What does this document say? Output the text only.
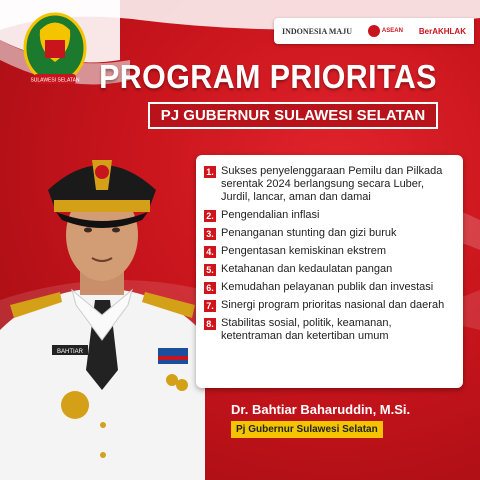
SULAWESI SELATAN
INDONESIA MAJU	ASEAN BerAKHLAK
PROGRAM PRIORITAS
PJ GUBERNUR SULAWESI SELATAN
BAHTIAR
1. Sukses penyelenggaraan Pemilu dan Pilkada serentak 2024 berlangsung secara Luber, Jurdil, lancar, aman dan damai
2. Pengendalian inflasi
3. Penanganan stunting dan gizi buruk
4. Pengentasan kemiskinan ekstrem
5. Ketahanan dan kedaulatan pangan
6. Kemudahan pelayanan publik dan investasi
7. Sinergi program prioritas nasional dan daerah
8. Stabilitas sosial, politik, keamanan, ketentraman dan ketertiban umum
Dr. Bahtiar Baharuddin, M.Si.
Pj Gubernur Sulawesi Selatan
